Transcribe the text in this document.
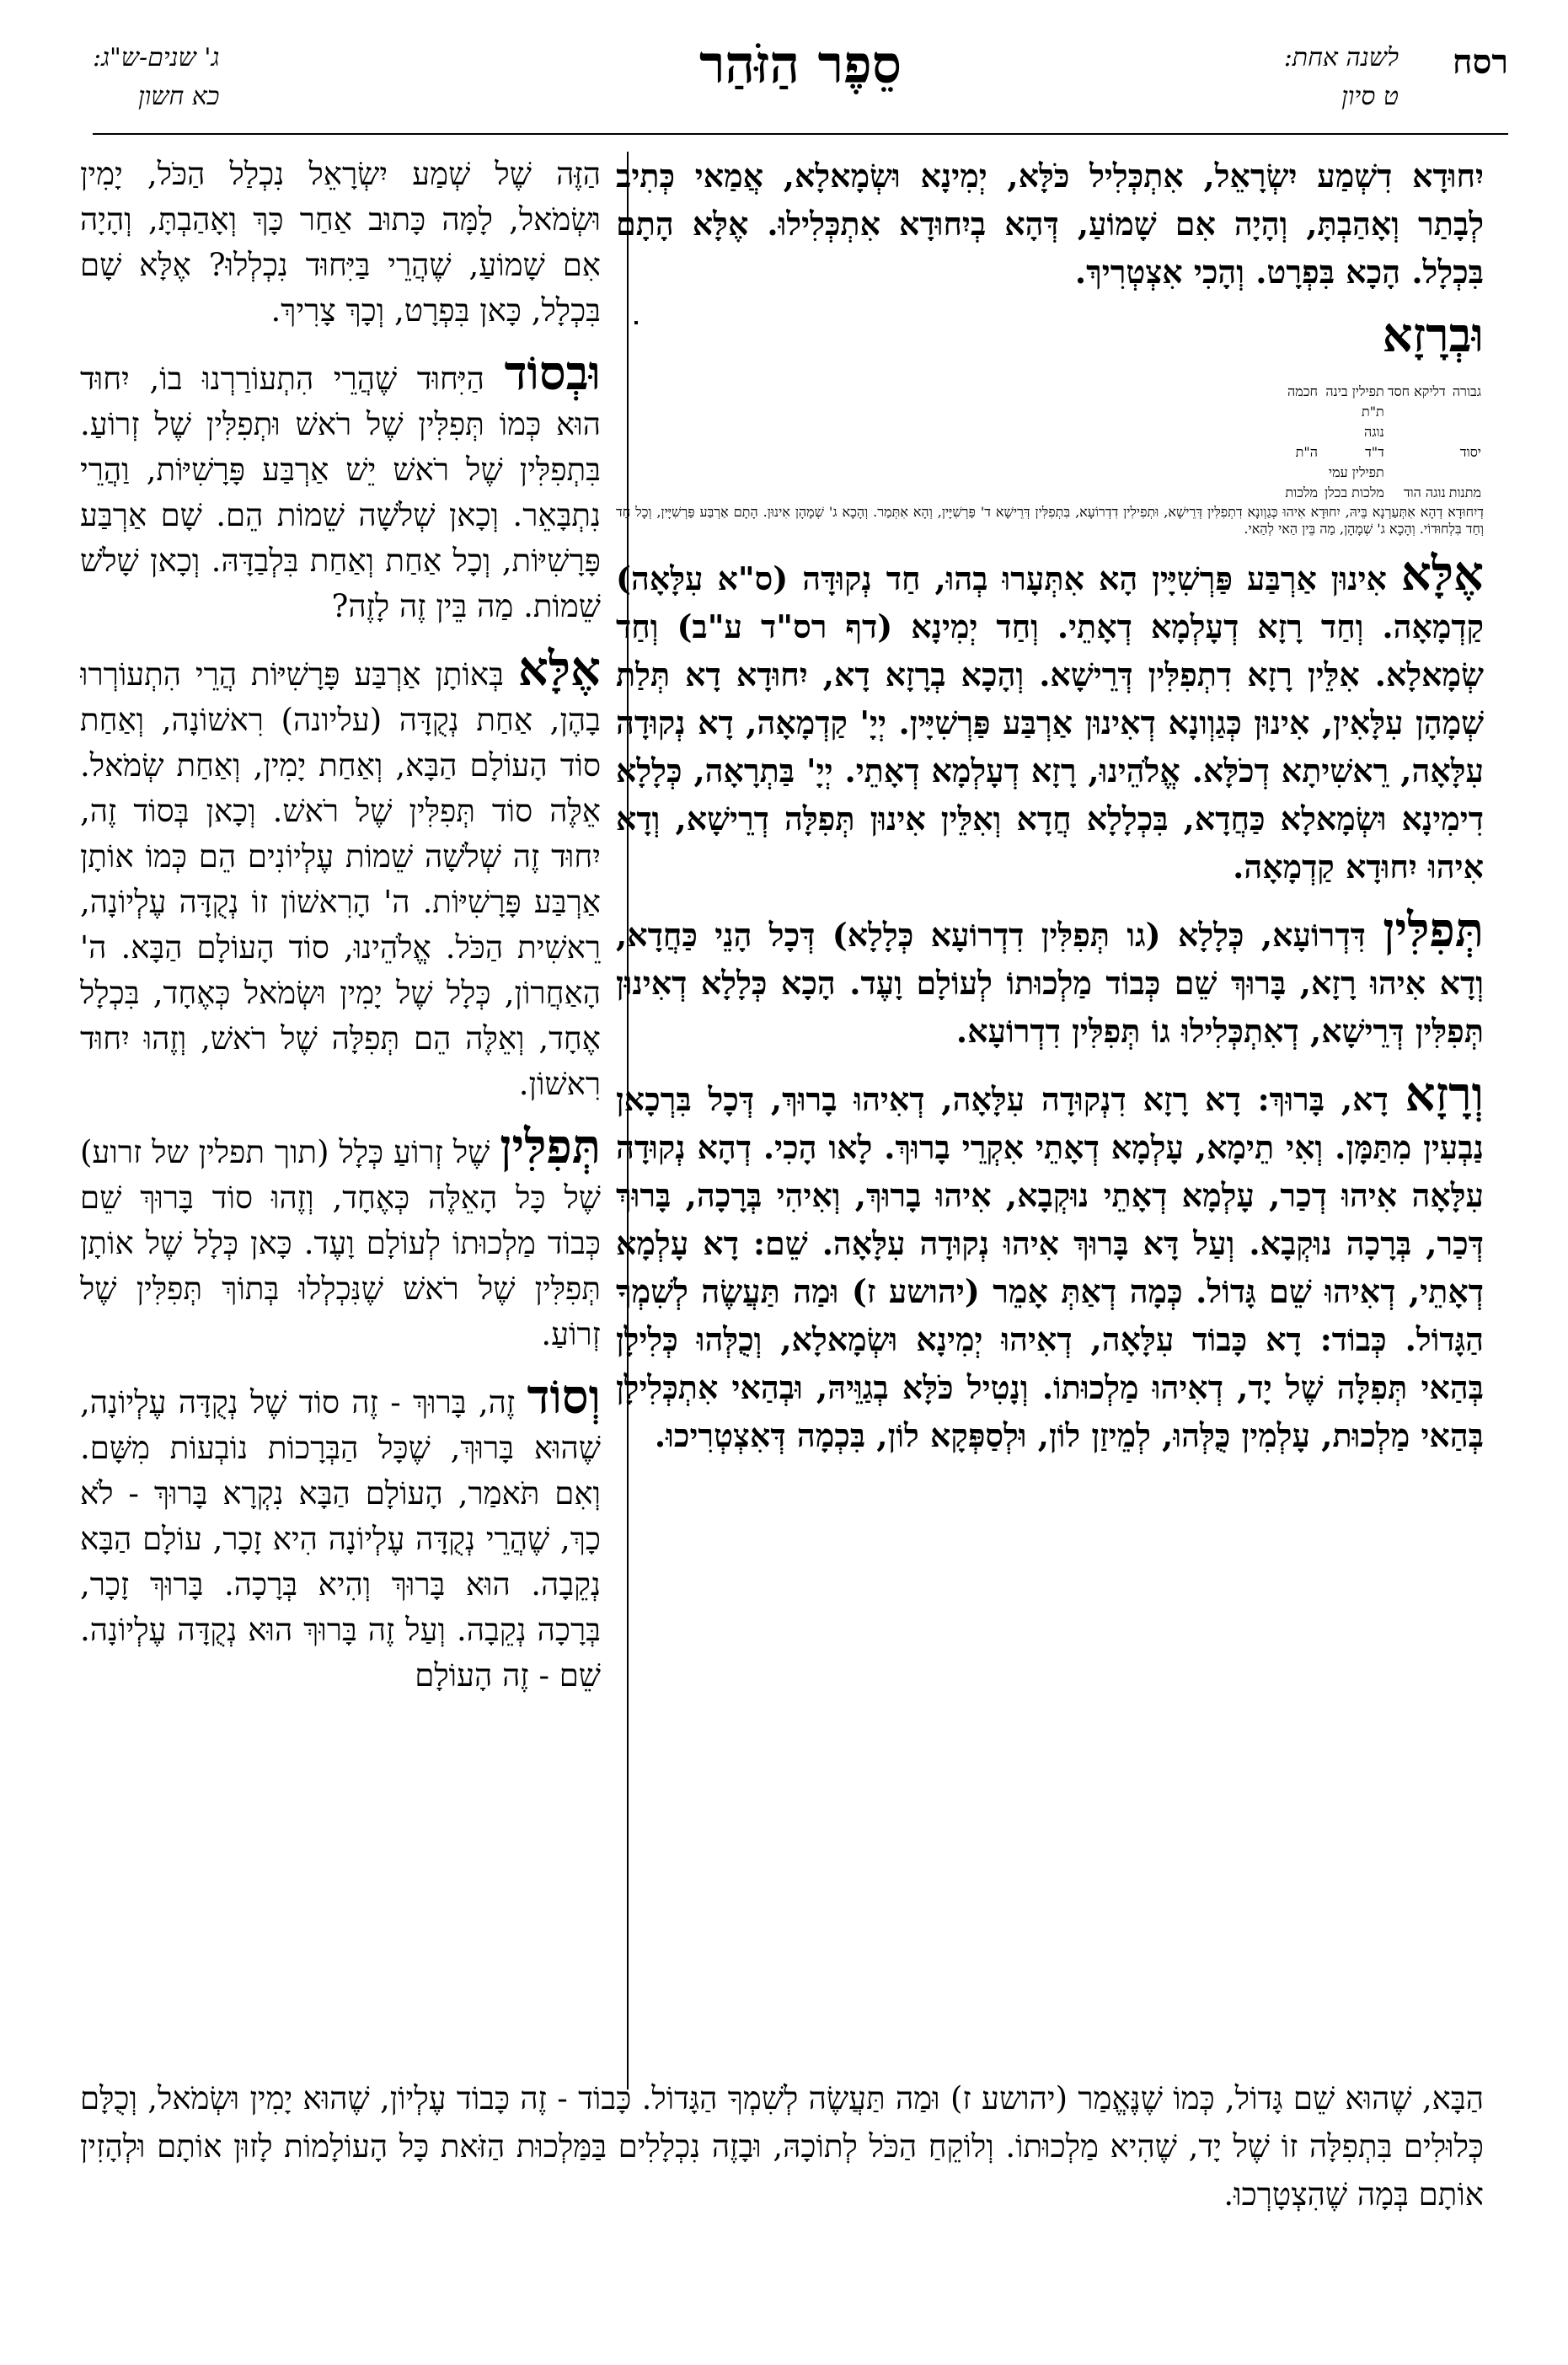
רסח
לשנה אחת:
ט סיון
סֵפֶר הַזֹּהַר
ג' שנים-ש"ג:
כא חשון

יִחוּדָא דִשְׁמַע יִשְׂרָאֵל, אִתְכְּלִיל כֹּלָּא, יְמִינָא וּשְׂמָאלָא, אֲמַאי כְּתִיב לְבָתַר וְאָהַבְתָּ, וְהָיָה אִם שָׁמוֹעַ, דְּהָא בְיִחוּדָא אִתְכְּלִילוּ. אֶלָּא הָתָם בִּכְלָל. הָכָא בִּפְרָט. וְהָכִי אִצְטְרִיךְ.

וּבְרָזָא

גבורה	דליקא חסד	תפילין בינה		חכמה
		ת"ת		
		נוגה		
יסוד		ד"ד		ה"ת
		תפילין עמי		
מתנות	נוגה הוד	מלכות בכלן		מלכות
דְיִחוּדָא דְהָא אִתְּעַרְנָא בֵּיהּ, יִחוּדָא אִיהוּ כְּגַוְונָא דִתְפִלִּין דְּרֵישָׁא, וּתְפִילִין דִדְרוֹעָא, בִּתְפִלִּין דְּרֵישָׁא ד' פַּרְשִׁיָּין, וְהָא אִתְּמַר. וְהָכָא ג' שְׁמָהָן אִינוּן. הָתָם אַרְבַּע פַּרְשִׁיָּין, וְכָל חַד וְחַד בִּלְחוּדוֹי. וְהָכָא ג' שְׁמָהָן, מַה בֵּין הַאי לְהַאי.

אֶלָּא אִינוּן אַרְבַּע פַּרְשִׁיָּין הָא אִתְּעָרוּ בְהוּ, חַד נְקוּדָּה (ס"א עִלָּאָה) קַדְמָאָה. וְחַד רָזָא דְעָלְמָא דְאָתֵי. וְחַד יְמִינָא (דף רס"ד ע"ב) וְחַד שְׂמָאלָא. אִלֵּין רָזָא דִתְפִלִּין דְּרֵישָׁא. וְהָכָא בְרָזָא דָא, יִחוּדָא דָא תְּלַת שְׁמָהָן עִלָּאִין, אִינוּן כְּגַוְונָא דְאִינוּן אַרְבַּע פַּרְשִׁיָּין. יְיָ' קַדְמָאָה, דָא נְקוּדָה עִלָּאָה, רֵאשִׁיתָא דְכֹלָּא. אֱלֹהֵינוּ, רָזָא דְעָלְמָא דְאָתֵי. יְיָ' בַּתְרָאָה, כְּלָלָא דִימִינָא וּשְׂמָאלָא כַּחֲדָא, בִּכְלָלָא חֲדָא וְאִלֵּין אִינוּן תְּפִלָּה דְרֵישָׁא, וְדָא אִיהוּ יִחוּדָא קַדְמָאָה.

תְּפִלִּין דִּדְרוֹעָא, כְּלָלָא (גו תְּפִלִּין דִדְרוֹעָא כְּלָלָא) דְּכָל הָנֵי כַּחֲדָא, וְדָא אִיהוּ רָזָא, בָּרוּךְ שֵׁם כְּבוֹד מַלְכוּתוֹ לְעוֹלָם וָעֶד. הָכָא כְּלָלָא דְאִינוּן תְּפִלִּין דְּרֵישָׁא, דְאִתְכְּלִילוּ גוֹ תְּפִלִּין דִדְרוֹעָא.

וְרָזָא דָא, בָּרוּךְ: דָא רָזָא דִנְקוּדָה עִלָּאָה, דְאִיהוּ בָרוּךְ, דְּכָל בִּרְכָאן נַבְעִין מִתַּמָּן. וְאִי תֵימָא, עָלְמָא דְאָתֵי אִקְרֵי בָרוּךְ. לָאו הָכִי. דְהָא נְקוּדָה עִלָּאָה אִיהוּ דְכַר, עָלְמָא דְאָתֵי נוּקְבָא, אִיהוּ בָרוּךְ, וְאִיהִי בְּרָכָה, בָּרוּךְ דְּכַר, בְּרָכָה נוּקְבָא. וְעַל דָּא בָּרוּךְ אִיהוּ נְקוּדָה עִלָּאָה. שֵׁם: דָא עָלְמָא דְאָתֵי, דְאִיהוּ שֵׁם גָּדוֹל. כְּמָה דְאַתְּ אָמֵר (יהושע ז) וּמַה תַּעֲשֶׂה לְשִׁמְךָ הַגָּדוֹל. כְּבוֹד: דָא כָּבוֹד עִלָּאָה, דְאִיהוּ יְמִינָא וּשְׂמָאלָא, וְכֻלְּהוּ כְּלִילָן בְּהַאי תְּפִלָּה שֶׁל יָד, דְאִיהוּ מַלְכוּתוֹ. וְנָטִיל כֹּלָּא בְגַוֵּיהּ, וּבְהַאי אִתְכְּלִילָן בְּהַאי מַלְכוּת, עָלְמִין כֻּלְּהוּ, לְמֵיזַן לוֹן, וּלְסַפְּקָא לוֹן, בִּכְמָה דְּאִצְטְרִיכוּ.

הַזֶּה שֶׁל שְׁמַע יִשְׂרָאֵל נִכְלַל הַכֹּל, יָמִין וּשְׂמֹאל, לָמָּה כָּתוּב אַחַר כָּךְ וְאָהַבְתָּ, וְהָיָה אִם שָׁמוֹעַ, שֶׁהֲרֵי בַּיִּחוּד נִכְלְלוּ? אֶלָּא שָׁם בִּכְלָל, כָּאן בִּפְרָט, וְכָךְ צָרִיךְ.

וּבְסוֹד הַיִּחוּד שֶׁהֲרֵי הִתְעוֹרַרְנוּ בוֹ, יִחוּד הוּא כְּמוֹ תְּפִלִּין שֶׁל רֹאשׁ וּתְפִלִּין שֶׁל זְרוֹעַ. בִּתְפִלִּין שֶׁל רֹאשׁ יֵשׁ אַרְבַּע פָּרָשִׁיּוֹת, וַהֲרֵי נִתְבָּאֵר. וְכָאן שְׁלֹשָׁה שֵׁמוֹת הֵם. שָׁם אַרְבַּע פָּרָשִׁיּוֹת, וְכָל אַחַת וְאַחַת בִּלְבַדָּהּ. וְכָאן שָׁלֹשׁ שֵׁמוֹת. מַה בֵּין זֶה לָזֶה?

אֶלָּא בְּאוֹתָן אַרְבַּע פָּרָשִׁיּוֹת הֲרֵי הִתְעוֹרְרוּ בָהֶן, אַחַת נְקֻדָּה (עליונה) רִאשׁוֹנָה, וְאַחַת סוֹד הָעוֹלָם הַבָּא, וְאַחַת יָמִין, וְאַחַת שְׂמֹאל. אֵלֶּה סוֹד תְּפִלִּין שֶׁל רֹאשׁ. וְכָאן בְּסוֹד זֶה, יִחוּד זֶה שְׁלֹשָׁה שֵׁמוֹת עֶלְיוֹנִים הֵם כְּמוֹ אוֹתָן אַרְבַּע פָּרָשִׁיּוֹת. ה' הָרִאשׁוֹן זוֹ נְקֻדָּה עֶלְיוֹנָה, רֵאשִׁית הַכֹּל. אֱלֹהֵינוּ, סוֹד הָעוֹלָם הַבָּא. ה' הָאַחֲרוֹן, כְּלָל שֶׁל יָמִין וּשְׂמֹאל כְּאֶחָד, בִּכְלָל אֶחָד, וְאֵלֶּה הֵם תְּפִלָּה שֶׁל רֹאשׁ, וְזֶהוּ יִחוּד רִאשׁוֹן.

תְּפִלִּין שֶׁל זְרוֹעַ כְּלָל (תוך תפלין של זרוע) שֶׁל כָּל הָאֵלֶּה כְּאֶחָד, וְזֶהוּ סוֹד בָּרוּךְ שֵׁם כְּבוֹד מַלְכוּתוֹ לְעוֹלָם וָעֶד. כָּאן כְּלָל שֶׁל אוֹתָן תְּפִלִּין שֶׁל רֹאשׁ שֶׁנִּכְלְלוּ בְּתוֹךְ תְּפִלִּין שֶׁל זְרוֹעַ.

וְסוֹד זֶה, בָּרוּךְ - זֶה סוֹד שֶׁל נְקֻדָּה עֶלְיוֹנָה, שֶׁהוּא בָּרוּךְ, שֶׁכָּל הַבְּרָכוֹת נוֹבְעוֹת מִשָּׁם. וְאִם תֹּאמַר, הָעוֹלָם הַבָּא נִקְרָא בָּרוּךְ - לֹא כָךְ, שֶׁהֲרֵי נְקֻדָּה עֶלְיוֹנָה הִיא זָכָר, עוֹלָם הַבָּא נְקֵבָה. הוּא בָּרוּךְ וְהִיא בְּרָכָה. בָּרוּךְ זָכָר, בְּרָכָה נְקֵבָה. וְעַל זֶה בָּרוּךְ הוּא נְקֻדָּה עֶלְיוֹנָה. שֵׁם - זֶה הָעוֹלָם

הַבָּא, שֶׁהוּא שֵׁם גָּדוֹל, כְּמוֹ שֶׁנֶּאֱמַר (יהושע ז) וּמַה תַּעֲשֶׂה לְשִׁמְךָ הַגָּדוֹל. כָּבוֹד - זֶה כָּבוֹד עֶלְיוֹן, שֶׁהוּא יָמִין וּשְׂמֹאל, וְכֻלָּם כְּלוּלִים בִּתְפִלָּה זוֹ שֶׁל יָד, שֶׁהִיא מַלְכוּתוֹ. וְלוֹקֵחַ הַכֹּל לְתוֹכָהּ, וּבָזֶה נִכְלָלִים בַּמַּלְכוּת הַזֹּאת כָּל הָעוֹלָמוֹת לָזוּן אוֹתָם וּלְהָזִין אוֹתָם בְּמָה שֶׁהִצְטָרְכוּ.
